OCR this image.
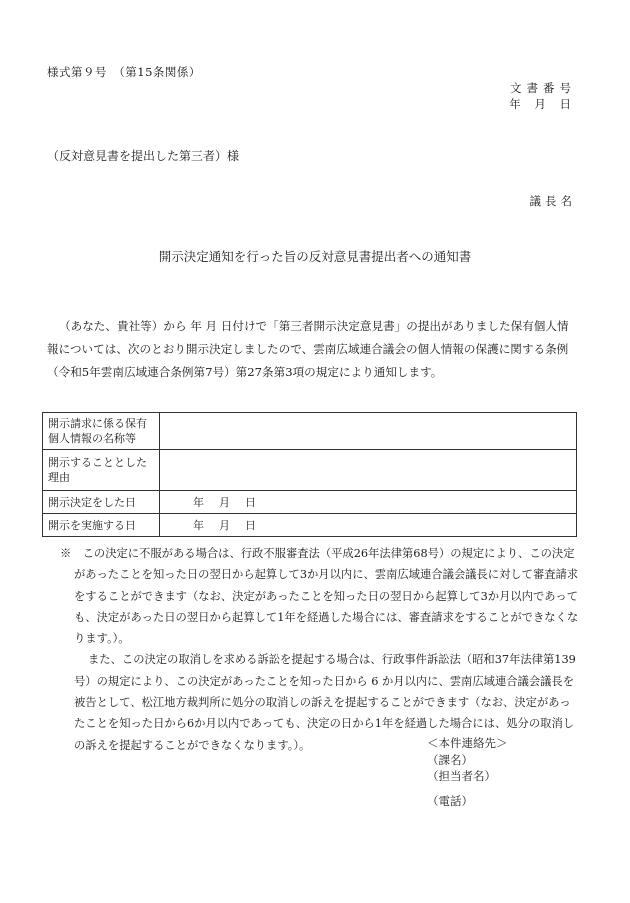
様式第９号　（第15条関係）
文書番号
年 月 日
（反対意見書を提出した第三者）様
議長名
開示決定通知を行った旨の反対意見書提出者への通知書
（あなた、貴社等）から 年 月 日付けで「第三者開示決定意見書」の提出がありました保有個人情報については、次のとおり開示決定しましたので、雲南広域連合議会の個人情報の保護に関する条例（令和5年雲南広域連合条例第7号）第27条第3項の規定により通知します。
開示請求に係る保有個人情報の名称等	
開示することとした理由	
開示決定をした日	年　月　日
開示を実施する日	年　月　日

※　この決定に不服がある場合は、行政不服審査法（平成26年法律第68号）の規定により、この決定があったことを知った日の翌日から起算して3か月以内に、雲南広域連合議会議長に対して審査請求をすることができます（なお、決定があったことを知った日の翌日から起算して3か月以内であっても、決定があった日の翌日から起算して1年を経過した場合には、審査請求をすることができなくなります。）。

また、この決定の取消しを求める訴訟を提起する場合は、行政事件訴訟法（昭和37年法律第139号）の規定により、この決定があったことを知った日から 6 か月以内に、雲南広域連合議会議長を被告として、松江地方裁判所に処分の取消しの訴えを提起することができます（なお、決定があったことを知った日から6か月以内であっても、決定の日から1年を経過した場合には、処分の取消しの訴えを提起することができなくなります。）。	＜本件連絡先＞
（課名）
（担当者名）
（電話）
